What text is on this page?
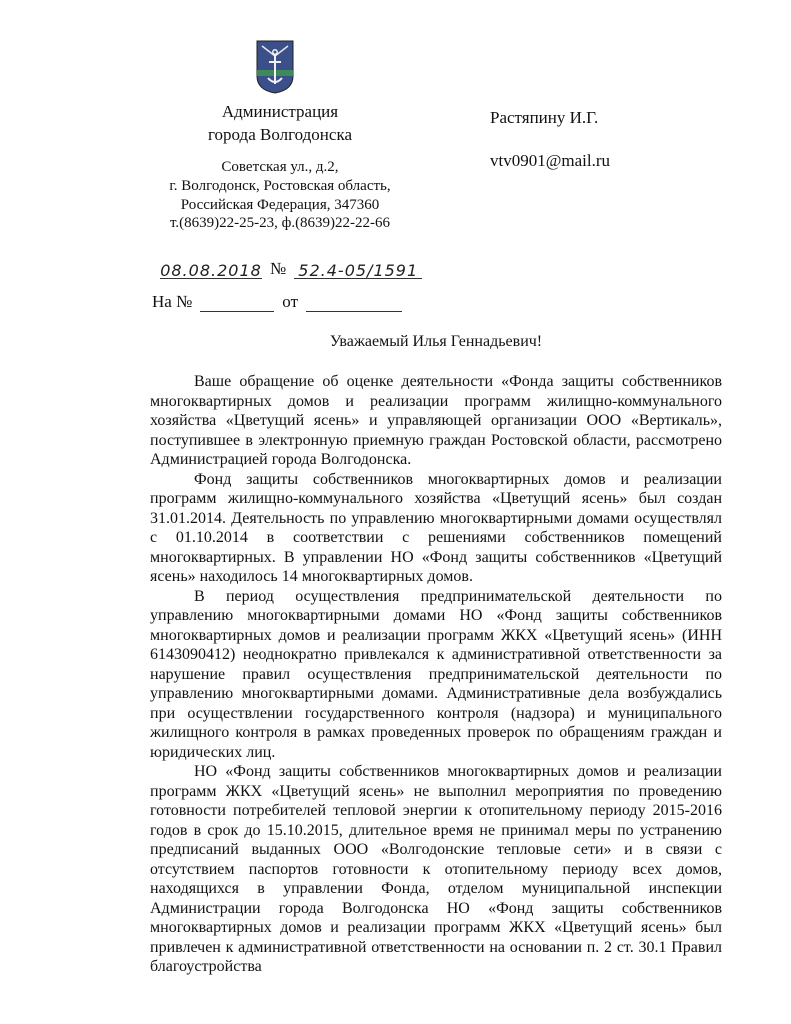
Администрация
города Волгодонска
Советская ул., д.2,
г. Волгодонск, Ростовская область,
Российская Федерация, 347360
т.(8639)22-25-23, ф.(8639)22-22-66
Растяпину И.Г.
vtv0901@mail.ru
08.08.2018 № 52.4-05/1591
На №	от
Уважаемый Илья Геннадьевич!

Ваше обращение об оценке деятельности «Фонда защиты собственников многоквартирных домов и реализации программ жилищно-коммунального хозяйства «Цветущий ясень» и управляющей организации ООО «Вертикаль», поступившее в электронную приемную граждан Ростовской области, рассмотрено Администрацией города Волгодонска.

Фонд защиты собственников многоквартирных домов и реализации программ жилищно-коммунального хозяйства «Цветущий ясень» был создан 31.01.2014. Деятельность по управлению многоквартирными домами осуществлял с 01.10.2014 в соответствии с решениями собственников помещений многоквартирных. В управлении НО «Фонд защиты собственников «Цветущий ясень» находилось 14 многоквартирных домов.

В период осуществления предпринимательской деятельности по управлению многоквартирными домами НО «Фонд защиты собственников многоквартирных домов и реализации программ ЖКХ «Цветущий ясень» (ИНН 6143090412) неоднократно привлекался к административной ответственности за нарушение правил осуществления предпринимательской деятельности по управлению многоквартирными домами. Административные дела возбуждались при осуществлении государственного контроля (надзора) и муниципального жилищного контроля в рамках проведенных проверок по обращениям граждан и юридических лиц.

НО «Фонд защиты собственников многоквартирных домов и реализации программ ЖКХ «Цветущий ясень» не выполнил мероприятия по проведению готовности потребителей тепловой энергии к отопительному периоду 2015-2016 годов в срок до 15.10.2015, длительное время не принимал меры по устранению предписаний выданных ООО «Волгодонские тепловые сети» и в связи с отсутствием паспортов готовности к отопительному периоду всех домов, находящихся в управлении Фонда, отделом муниципальной инспекции Администрации города Волгодонска НО «Фонд защиты собственников многоквартирных домов и реализации программ ЖКХ «Цветущий ясень» был привлечен к административной ответственности на основании п. 2 ст. 30.1 Правил благоустройства
